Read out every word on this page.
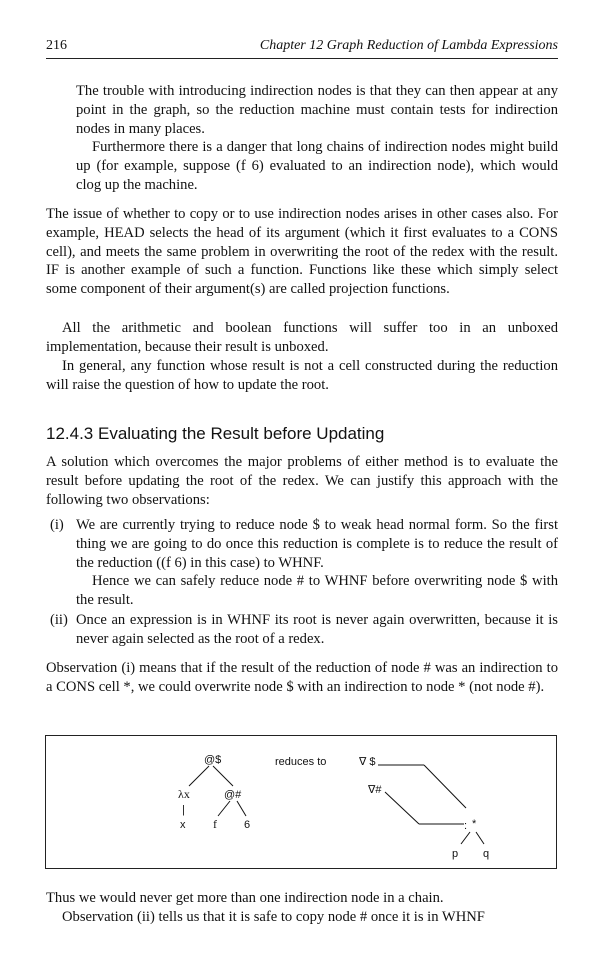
216	Chapter 12 Graph Reduction of Lambda Expressions

The trouble with introducing indirection nodes is that they can then appear at any point in the graph, so the reduction machine must contain tests for indirection nodes in many places.

Furthermore there is a danger that long chains of indirection nodes might build up (for example, suppose (f 6) evaluated to an indirection node), which would clog up the machine.

The issue of whether to copy or to use indirection nodes arises in other cases also. For example, HEAD selects the head of its argument (which it first evaluates to a CONS cell), and meets the same problem in overwriting the root of the redex with the result. IF is another example of such a function. Functions like these which simply select some component of their argument(s) are called projection functions.

All the arithmetic and boolean functions will suffer too in an unboxed implementation, because their result is unboxed.

In general, any function whose result is not a cell constructed during the reduction will raise the question of how to update the root.

12.4.3 Evaluating the Result before Updating

A solution which overcomes the major problems of either method is to evaluate the result before updating the root of the redex. We can justify this approach with the following two observations:

(i) We are currently trying to reduce node $ to weak head normal form. So the first thing we are going to do once this reduction is complete is to reduce the result of the reduction ((f 6) in this case) to WHNF.

Hence we can safely reduce node # to WHNF before overwriting node $ with the result.

(ii) Once an expression is in WHNF its root is never again overwritten, because it is never again selected as the root of a redex.

Observation (i) means that if the result of the reduction of node # was an indirection to a CONS cell *, we could overwrite node $ with an indirection to node * (not node #).

@$
λx
|
x
@#
f 6
reduces to	∇ $
∇#
: *
p q

Thus we would never get more than one indirection node in a chain.

Observation (ii) tells us that it is safe to copy node # once it is in WHNF
